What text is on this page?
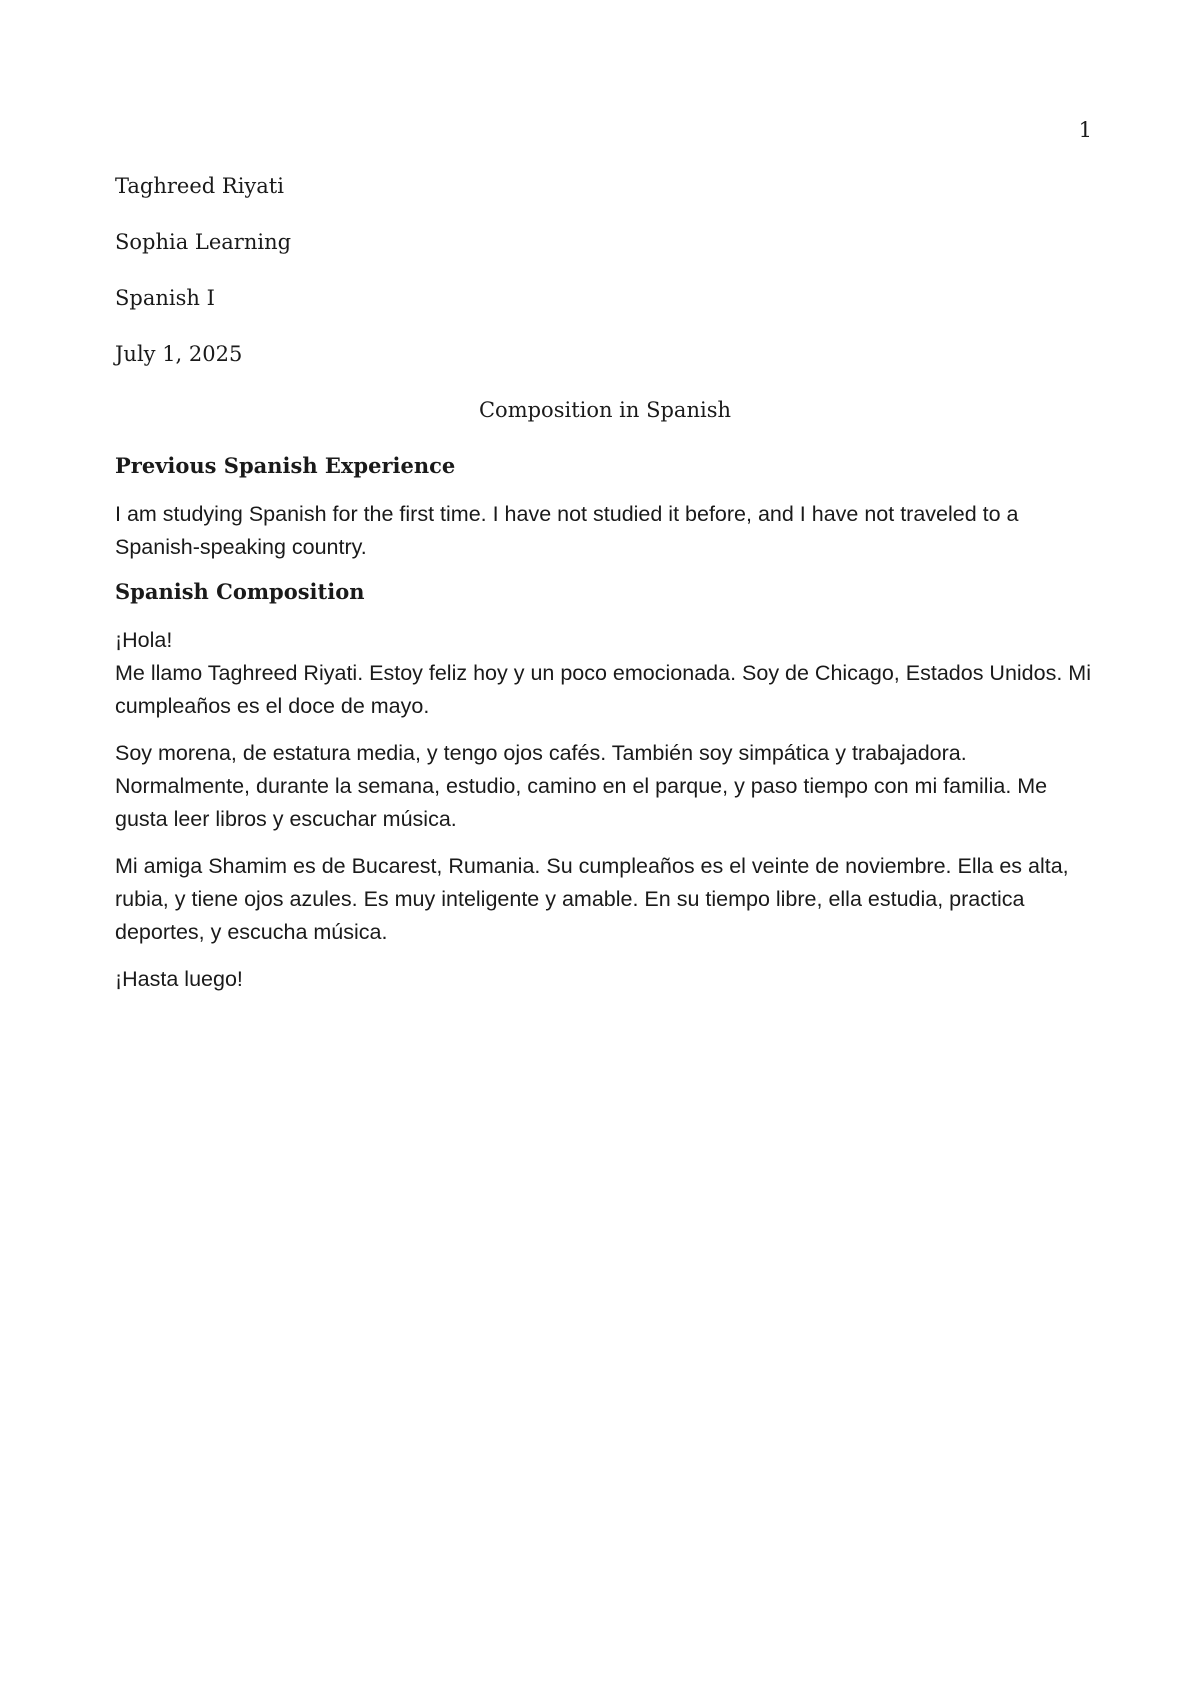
1

Taghreed Riyati

Sophia Learning

Spanish I

July 1, 2025

Composition in Spanish

Previous Spanish Experience

I am studying Spanish for the first time. I have not studied it before, and I have not traveled to a Spanish-speaking country.

Spanish Composition

¡Hola!

Me llamo Taghreed Riyati. Estoy feliz hoy y un poco emocionada. Soy de Chicago, Estados Unidos. Mi cumpleaños es el doce de mayo.

Soy morena, de estatura media, y tengo ojos cafés. También soy simpática y trabajadora. Normalmente, durante la semana, estudio, camino en el parque, y paso tiempo con mi familia. Me gusta leer libros y escuchar música.

Mi amiga Shamim es de Bucarest, Rumania. Su cumpleaños es el veinte de noviembre. Ella es alta, rubia, y tiene ojos azules. Es muy inteligente y amable. En su tiempo libre, ella estudia, practica deportes, y escucha música.

¡Hasta luego!
